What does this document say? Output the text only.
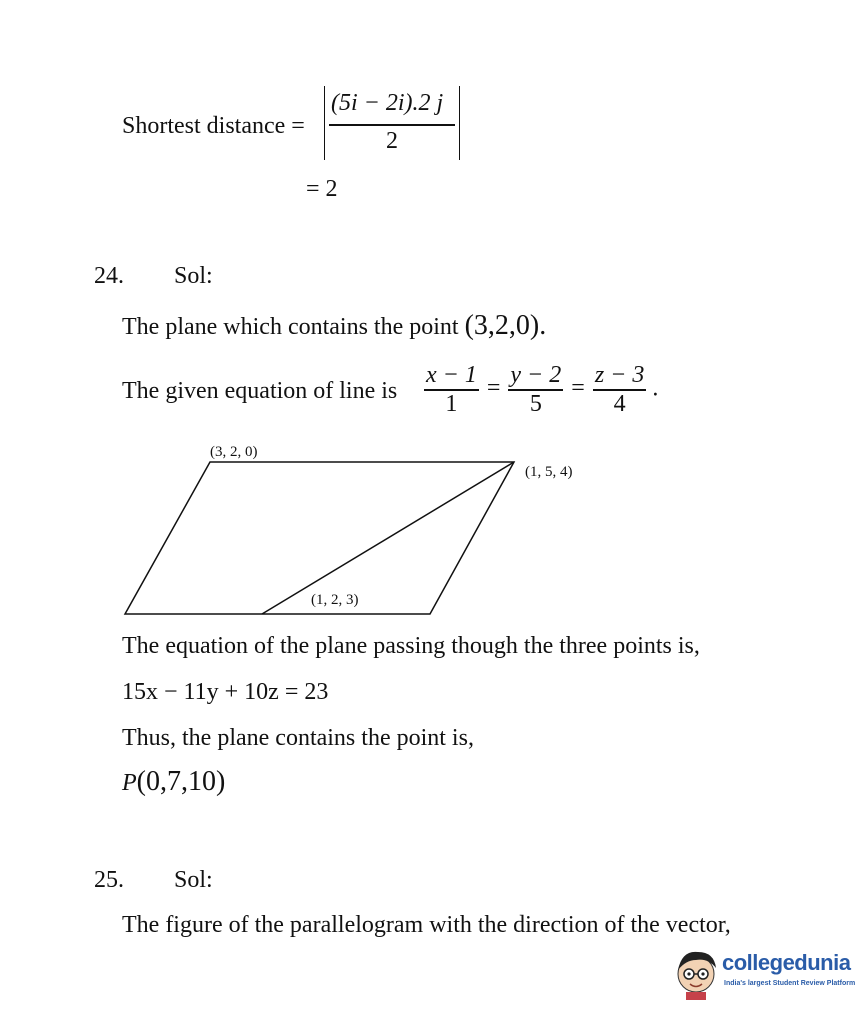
Shortest distance =
(5i − 2i).2 j
2
= 2
24. Sol:
The plane which contains the point (3,2,0).
The given equation of line is $\frac{x - 1}{1} = \frac{y - 2}{5} = \frac{z - 3}{4}$ .
(3, 2, 0)
(1, 5, 4)
(1, 2, 3)
The equation of the plane passing though the three points is,
15x − 11y + 10z = 23
Thus, the plane contains the point is,
P(0,7,10)
25. Sol:
The figure of the parallelogram with the direction of the vector,
collegedunia
India's largest Student Review Platform
